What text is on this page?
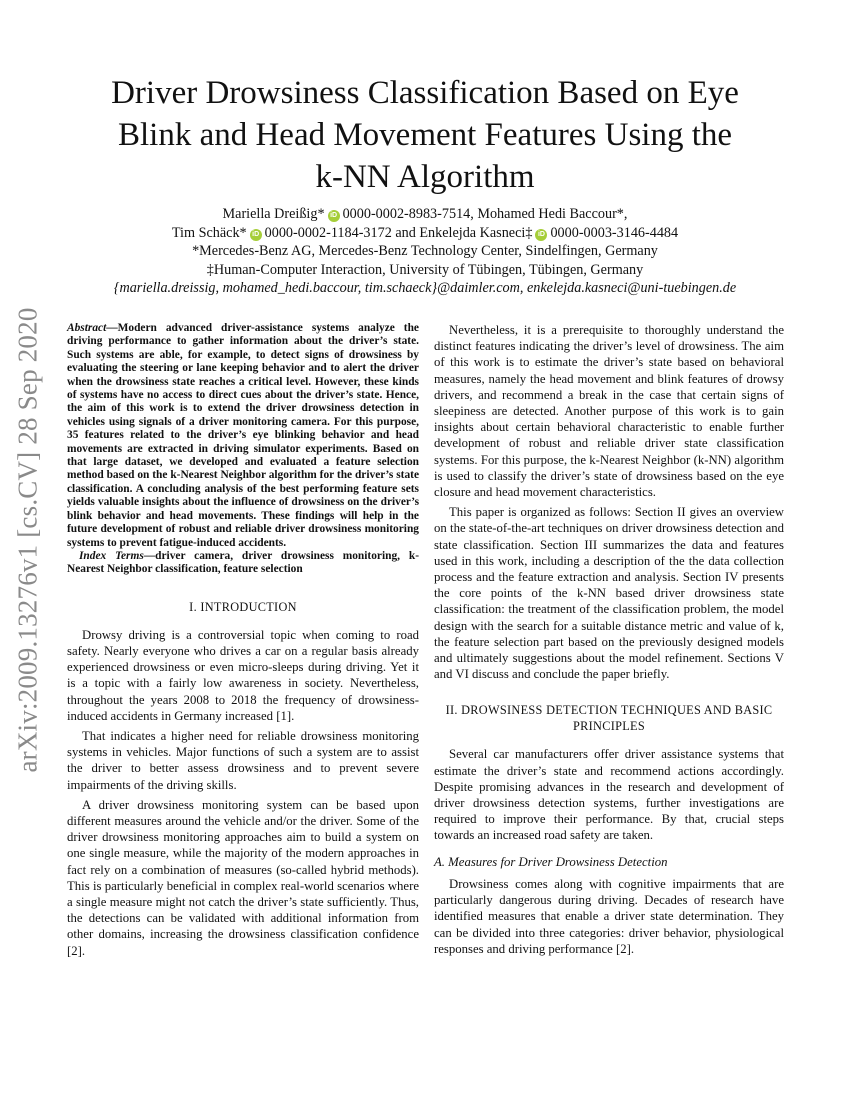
arXiv:2009.13276v1 [cs.CV] 28 Sep 2020
Driver Drowsiness Classification Based on Eye
Blink and Head Movement Features Using the
k-NN Algorithm
Mariella Dreißig* iD 0000-0002-8983-7514, Mohamed Hedi Baccour*,
Tim Schäck* iD 0000-0002-1184-3172 and Enkelejda Kasneci‡ iD 0000-0003-3146-4484
*Mercedes-Benz AG, Mercedes-Benz Technology Center, Sindelfingen, Germany
‡Human-Computer Interaction, University of Tübingen, Tübingen, Germany
{mariella.dreissig, mohamed_hedi.baccour, tim.schaeck}@daimler.com, enkelejda.kasneci@uni-tuebingen.de

Abstract—Modern advanced driver-assistance systems analyze the driving performance to gather information about the driver’s state. Such systems are able, for example, to detect signs of drowsiness by evaluating the steering or lane keeping behavior and to alert the driver when the drowsiness state reaches a critical level. However, these kinds of systems have no access to direct cues about the driver’s state. Hence, the aim of this work is to extend the driver drowsiness detection in vehicles using signals of a driver monitoring camera. For this purpose, 35 features related to the driver’s eye blinking behavior and head movements are extracted in driving simulator experiments. Based on that large dataset, we developed and evaluated a feature selection method based on the k-Nearest Neighbor algorithm for the driver’s state classification. A concluding analysis of the best performing feature sets yields valuable insights about the influence of drowsiness on the driver’s blink behavior and head movements. These findings will help in the future development of robust and reliable driver drowsiness monitoring systems to prevent fatigue-induced accidents.

Index Terms—driver camera, driver drowsiness monitoring, k-Nearest Neighbor classification, feature selection

I. INTRODUCTION

Drowsy driving is a controversial topic when coming to road safety. Nearly everyone who drives a car on a regular basis already experienced drowsiness or even micro-sleeps during driving. Yet it is a topic with a fairly low awareness in society. Nevertheless, throughout the years 2008 to 2018 the frequency of drowsiness-induced accidents in Germany increased [1].

That indicates a higher need for reliable drowsiness monitoring systems in vehicles. Major functions of such a system are to assist the driver to better assess drowsiness and to prevent severe impairments of the driving skills.

A driver drowsiness monitoring system can be based upon different measures around the vehicle and/or the driver. Some of the driver drowsiness monitoring approaches aim to build a system on one single measure, while the majority of the modern approaches in fact rely on a combination of measures (so-called hybrid methods). This is particularly beneficial in complex real-world scenarios where a single measure might not catch the driver’s state sufficiently. Thus, the detections can be validated with additional information from other domains, increasing the drowsiness classification confidence [2].

Nevertheless, it is a prerequisite to thoroughly understand the distinct features indicating the driver’s level of drowsiness. The aim of this work is to estimate the driver’s state based on behavioral measures, namely the head movement and blink features of drowsy drivers, and recommend a break in the case that certain signs of sleepiness are detected. Another purpose of this work is to gain insights about certain behavioral characteristic to enable further development of robust and reliable driver state classification systems. For this purpose, the k-Nearest Neighbor (k-NN) algorithm is used to classify the driver’s state of drowsiness based on the eye closure and head movement characteristics.

This paper is organized as follows: Section II gives an overview on the state-of-the-art techniques on driver drowsiness detection and state classification. Section III summarizes the data and features used in this work, including a description of the the data collection process and the feature extraction and analysis. Section IV presents the core points of the k-NN based driver drowsiness state classification: the treatment of the classification problem, the model design with the search for a suitable distance metric and value of k, the feature selection part based on the previously designed models and ultimately suggestions about the model refinement. Sections V and VI discuss and conclude the paper briefly.

II. DROWSINESS DETECTION TECHNIQUES AND BASIC
PRINCIPLES

Several car manufacturers offer driver assistance systems that estimate the driver’s state and recommend actions accordingly. Despite promising advances in the research and development of driver drowsiness detection systems, further investigations are required to improve their performance. By that, crucial steps towards an increased road safety are taken.

A. Measures for Driver Drowsiness Detection

Drowsiness comes along with cognitive impairments that are particularly dangerous during driving. Decades of research have identified measures that enable a driver state determination. They can be divided into three categories: driver behavior, physiological responses and driving performance [2].
